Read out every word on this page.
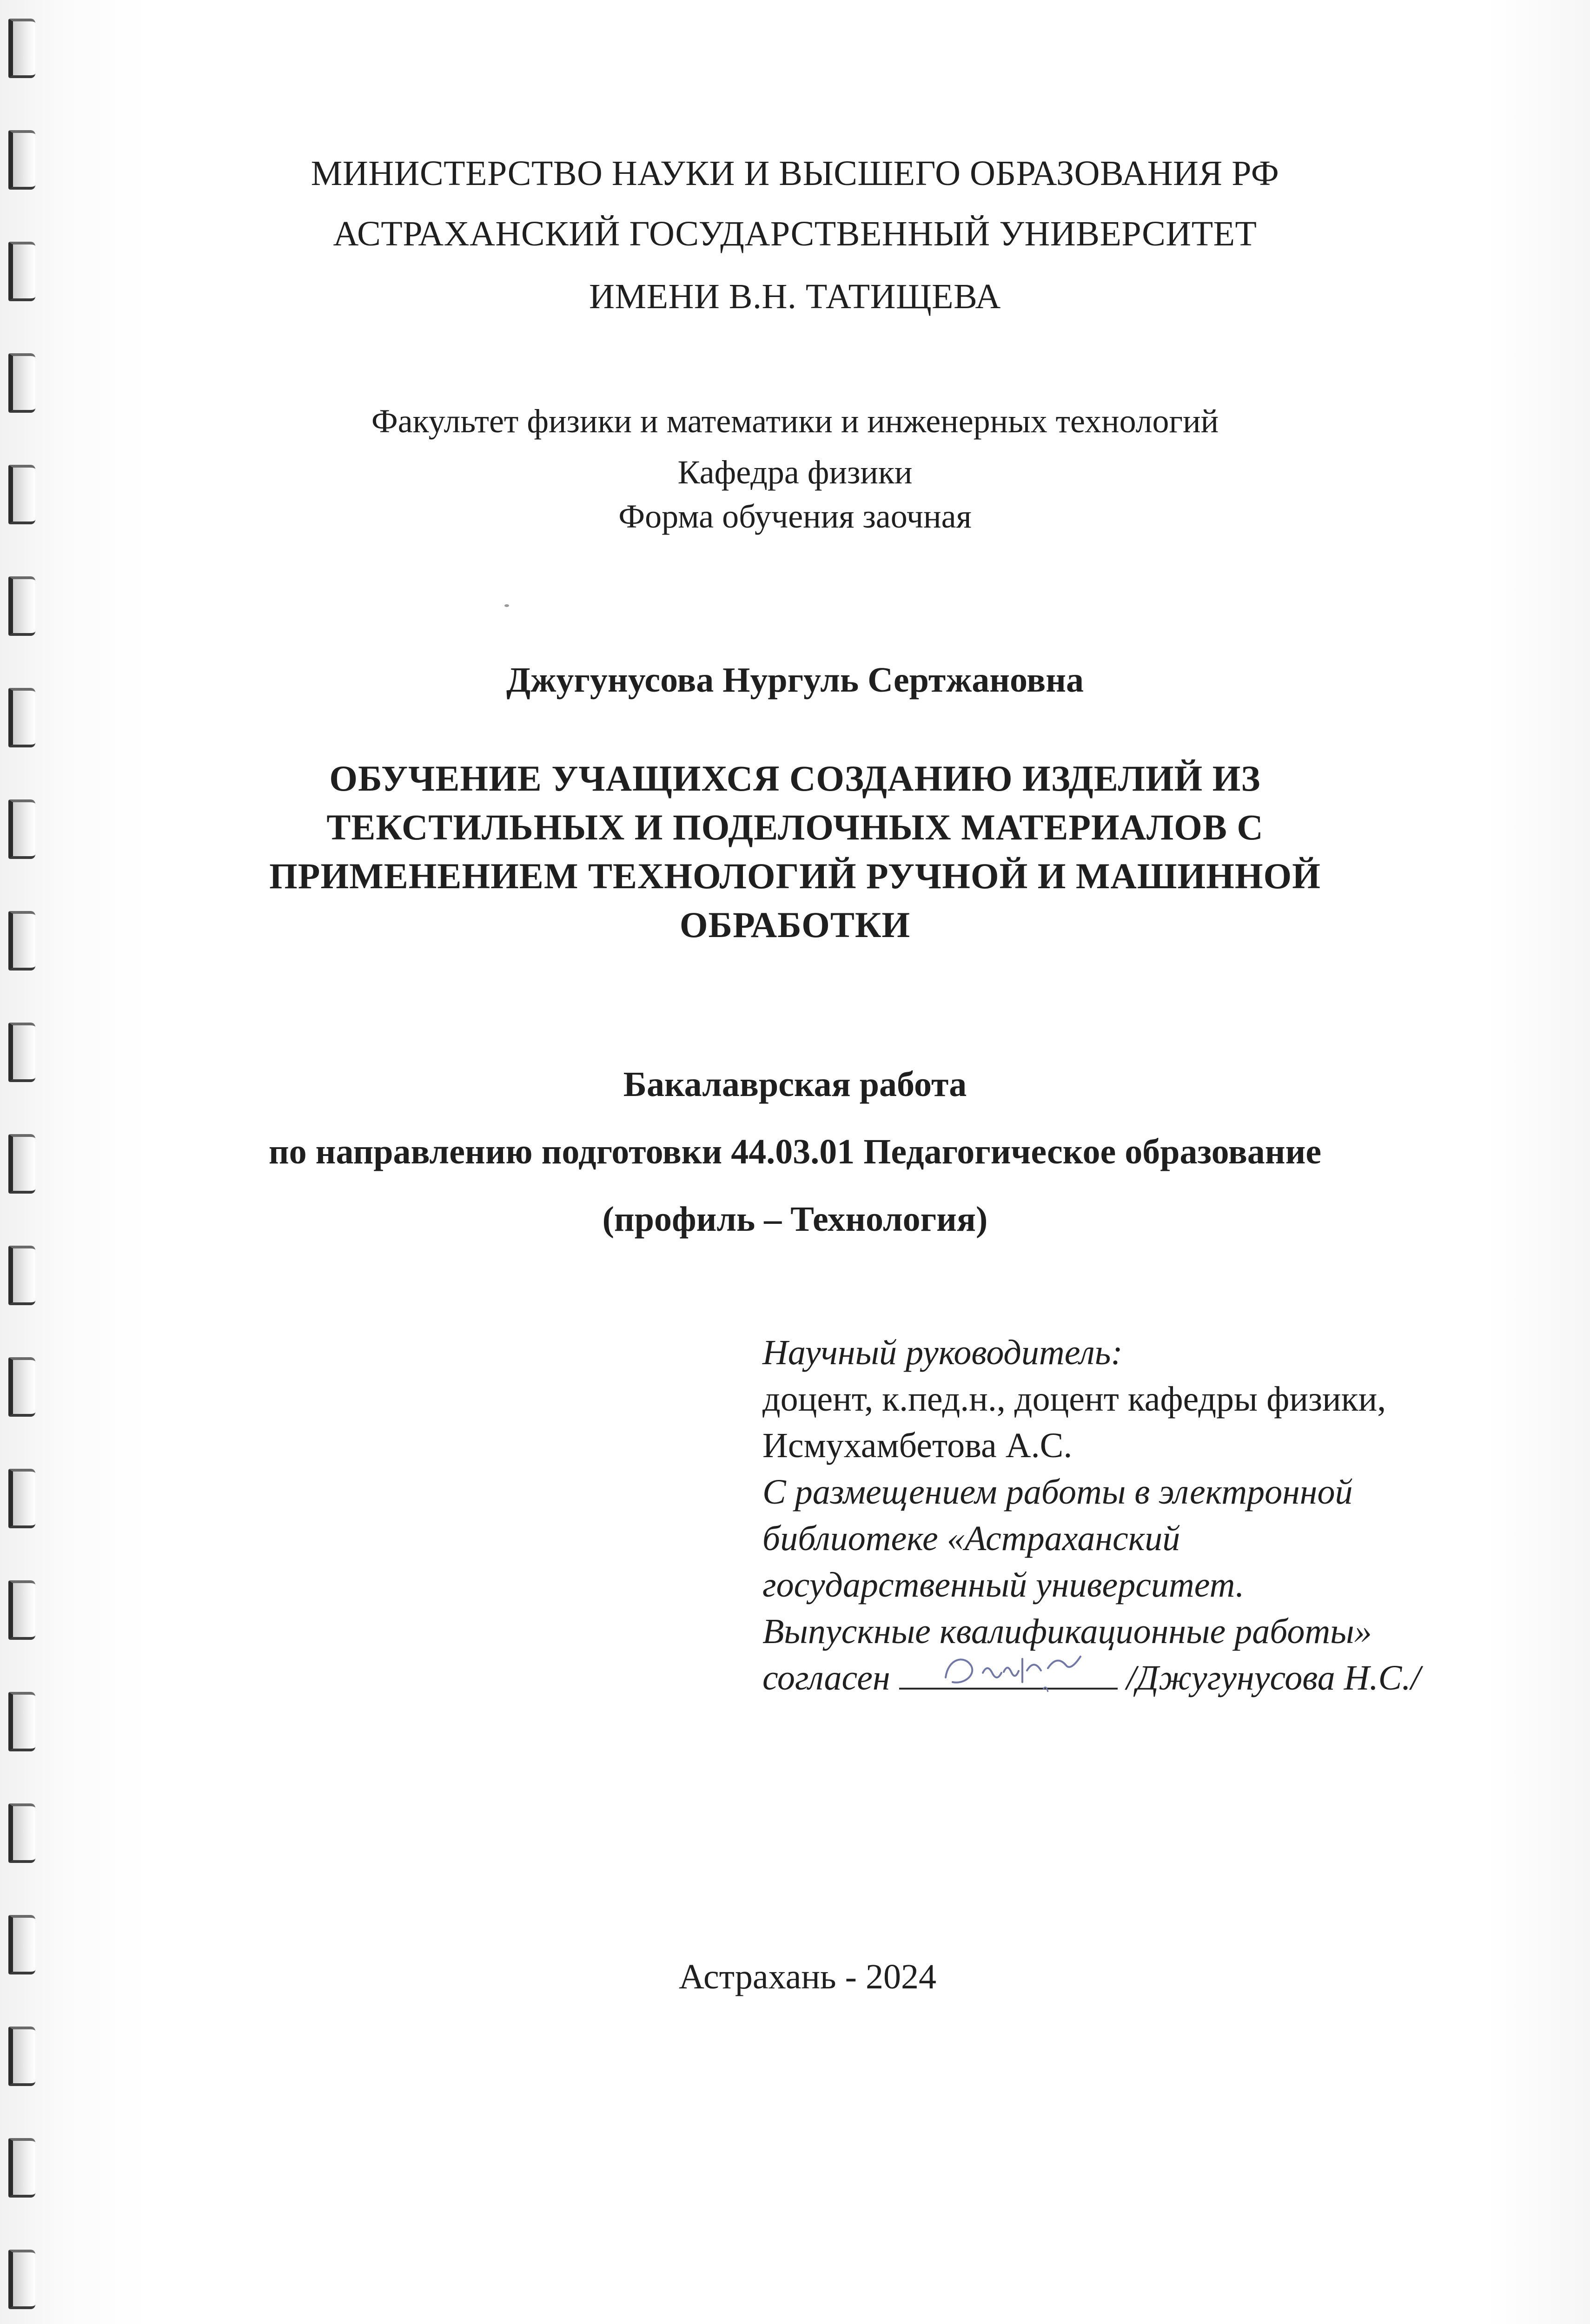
МИНИСТЕРСТВО НАУКИ И ВЫСШЕГО ОБРАЗОВАНИЯ РФ

АСТРАХАНСКИЙ ГОСУДАРСТВЕННЫЙ УНИВЕРСИТЕТ

ИМЕНИ В.Н. ТАТИЩЕВА

Факультет физики и математики и инженерных технологий

Кафедра физики

Форма обучения заочная

Джугунусова Нургуль Сертжановна

ОБУЧЕНИЕ УЧАЩИХСЯ СОЗДАНИЮ ИЗДЕЛИЙ ИЗ

ТЕКСТИЛЬНЫХ И ПОДЕЛОЧНЫХ МАТЕРИАЛОВ С

ПРИМЕНЕНИЕМ ТЕХНОЛОГИЙ РУЧНОЙ И МАШИННОЙ

ОБРАБОТКИ

Бакалаврская работа

по направлению подготовки 44.03.01 Педагогическое образование

(профиль – Технология)

Научный руководитель:
доцент, к.пед.н., доцент кафедры физики,
Исмухамбетова А.С.
С размещением работы в электронной
библиотеке «Астраханский
государственный университет.
Выпускные квалификационные работы»
согласен	/Джугунусова Н.С./
Астрахань - 2024
